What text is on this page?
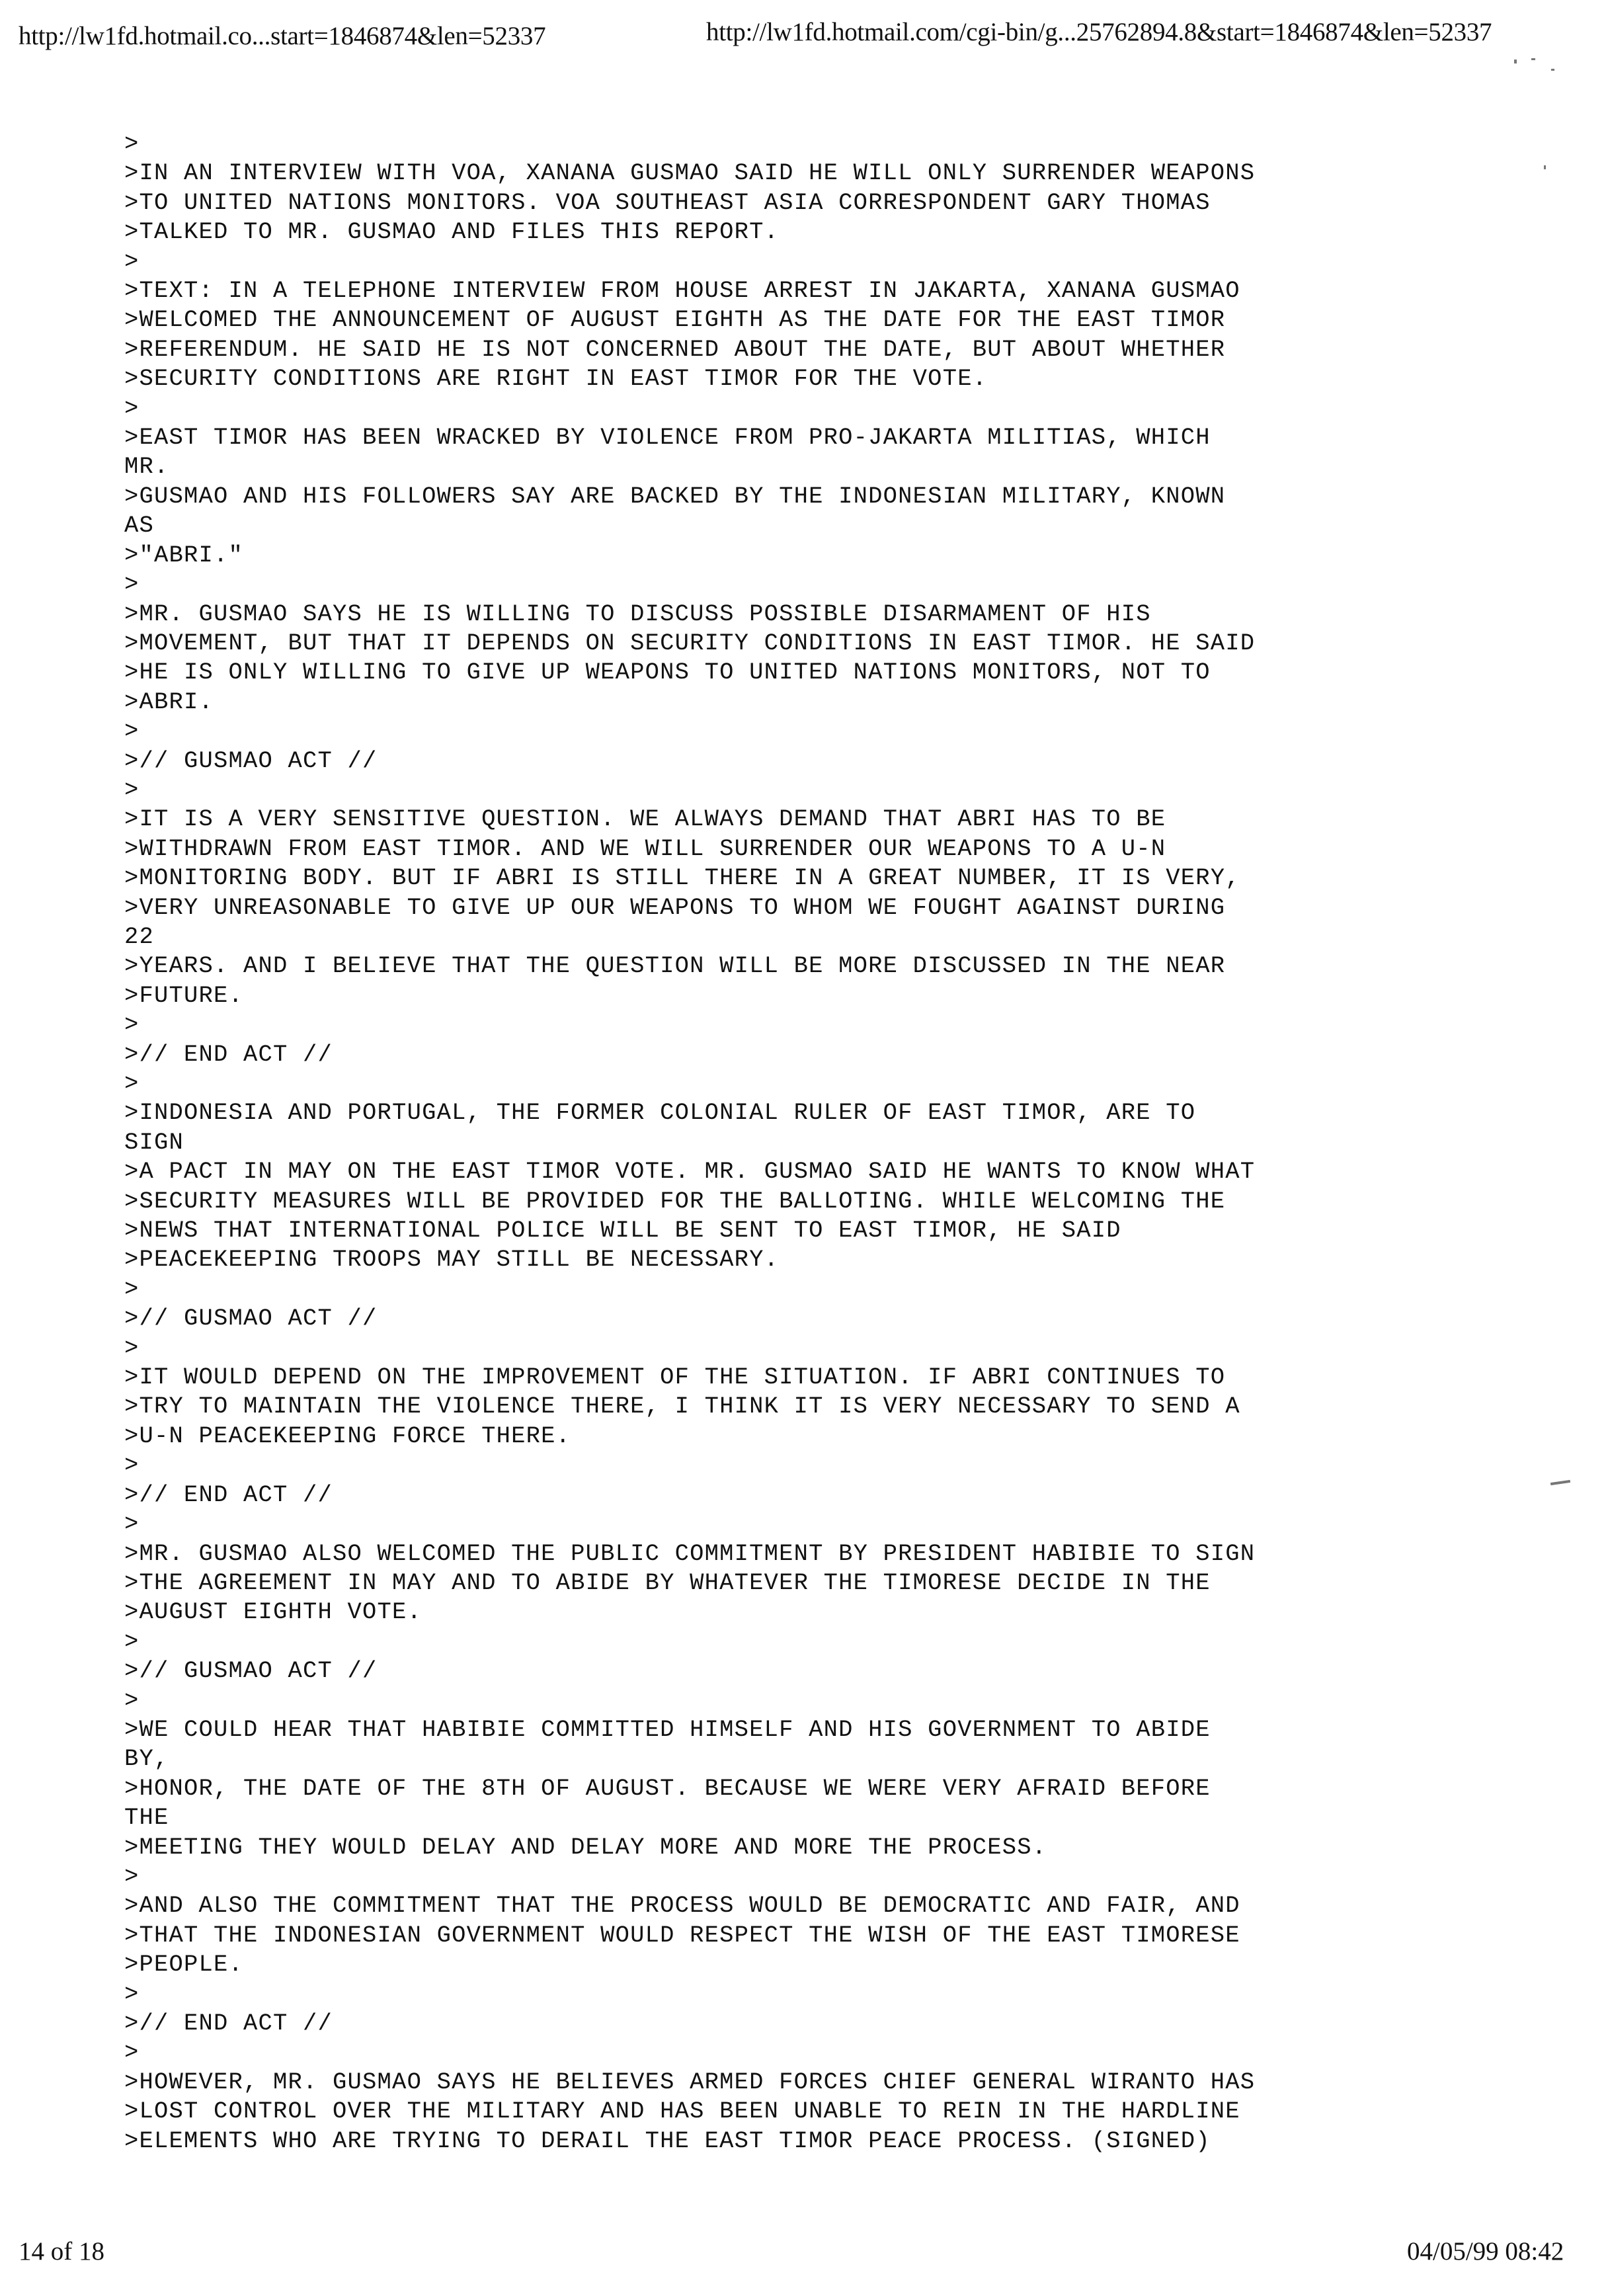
http://lw1fd.hotmail.co...start=1846874&len=52337	http://lw1fd.hotmail.com/cgi-bin/g...25762894.8&start=1846874&len=52337
>
>IN AN INTERVIEW WITH VOA, XANANA GUSMAO SAID HE WILL ONLY SURRENDER WEAPONS
>TO UNITED NATIONS MONITORS. VOA SOUTHEAST ASIA CORRESPONDENT GARY THOMAS
>TALKED TO MR. GUSMAO AND FILES THIS REPORT.
>
>TEXT: IN A TELEPHONE INTERVIEW FROM HOUSE ARREST IN JAKARTA, XANANA GUSMAO
>WELCOMED THE ANNOUNCEMENT OF AUGUST EIGHTH AS THE DATE FOR THE EAST TIMOR
>REFERENDUM. HE SAID HE IS NOT CONCERNED ABOUT THE DATE, BUT ABOUT WHETHER
>SECURITY CONDITIONS ARE RIGHT IN EAST TIMOR FOR THE VOTE.
>
>EAST TIMOR HAS BEEN WRACKED BY VIOLENCE FROM PRO-JAKARTA MILITIAS, WHICH
MR.
>GUSMAO AND HIS FOLLOWERS SAY ARE BACKED BY THE INDONESIAN MILITARY, KNOWN
AS
>"ABRI."
>
>MR. GUSMAO SAYS HE IS WILLING TO DISCUSS POSSIBLE DISARMAMENT OF HIS
>MOVEMENT, BUT THAT IT DEPENDS ON SECURITY CONDITIONS IN EAST TIMOR. HE SAID
>HE IS ONLY WILLING TO GIVE UP WEAPONS TO UNITED NATIONS MONITORS, NOT TO
>ABRI.
>
>// GUSMAO ACT //
>
>IT IS A VERY SENSITIVE QUESTION. WE ALWAYS DEMAND THAT ABRI HAS TO BE
>WITHDRAWN FROM EAST TIMOR. AND WE WILL SURRENDER OUR WEAPONS TO A U-N
>MONITORING BODY. BUT IF ABRI IS STILL THERE IN A GREAT NUMBER, IT IS VERY,
>VERY UNREASONABLE TO GIVE UP OUR WEAPONS TO WHOM WE FOUGHT AGAINST DURING
22
>YEARS. AND I BELIEVE THAT THE QUESTION WILL BE MORE DISCUSSED IN THE NEAR
>FUTURE.
>
>// END ACT //
>
>INDONESIA AND PORTUGAL, THE FORMER COLONIAL RULER OF EAST TIMOR, ARE TO
SIGN
>A PACT IN MAY ON THE EAST TIMOR VOTE. MR. GUSMAO SAID HE WANTS TO KNOW WHAT
>SECURITY MEASURES WILL BE PROVIDED FOR THE BALLOTING. WHILE WELCOMING THE
>NEWS THAT INTERNATIONAL POLICE WILL BE SENT TO EAST TIMOR, HE SAID
>PEACEKEEPING TROOPS MAY STILL BE NECESSARY.
>
>// GUSMAO ACT //
>
>IT WOULD DEPEND ON THE IMPROVEMENT OF THE SITUATION. IF ABRI CONTINUES TO
>TRY TO MAINTAIN THE VIOLENCE THERE, I THINK IT IS VERY NECESSARY TO SEND A
>U-N PEACEKEEPING FORCE THERE.
>
>// END ACT //
>
>MR. GUSMAO ALSO WELCOMED THE PUBLIC COMMITMENT BY PRESIDENT HABIBIE TO SIGN
>THE AGREEMENT IN MAY AND TO ABIDE BY WHATEVER THE TIMORESE DECIDE IN THE
>AUGUST EIGHTH VOTE.
>
>// GUSMAO ACT //
>
>WE COULD HEAR THAT HABIBIE COMMITTED HIMSELF AND HIS GOVERNMENT TO ABIDE
BY,
>HONOR, THE DATE OF THE 8TH OF AUGUST. BECAUSE WE WERE VERY AFRAID BEFORE
THE
>MEETING THEY WOULD DELAY AND DELAY MORE AND MORE THE PROCESS.
>
>AND ALSO THE COMMITMENT THAT THE PROCESS WOULD BE DEMOCRATIC AND FAIR, AND
>THAT THE INDONESIAN GOVERNMENT WOULD RESPECT THE WISH OF THE EAST TIMORESE
>PEOPLE.
>
>// END ACT //
>
>HOWEVER, MR. GUSMAO SAYS HE BELIEVES ARMED FORCES CHIEF GENERAL WIRANTO HAS
>LOST CONTROL OVER THE MILITARY AND HAS BEEN UNABLE TO REIN IN THE HARDLINE
>ELEMENTS WHO ARE TRYING TO DERAIL THE EAST TIMOR PEACE PROCESS. (SIGNED)
14 of 18	04/05/99 08:42
